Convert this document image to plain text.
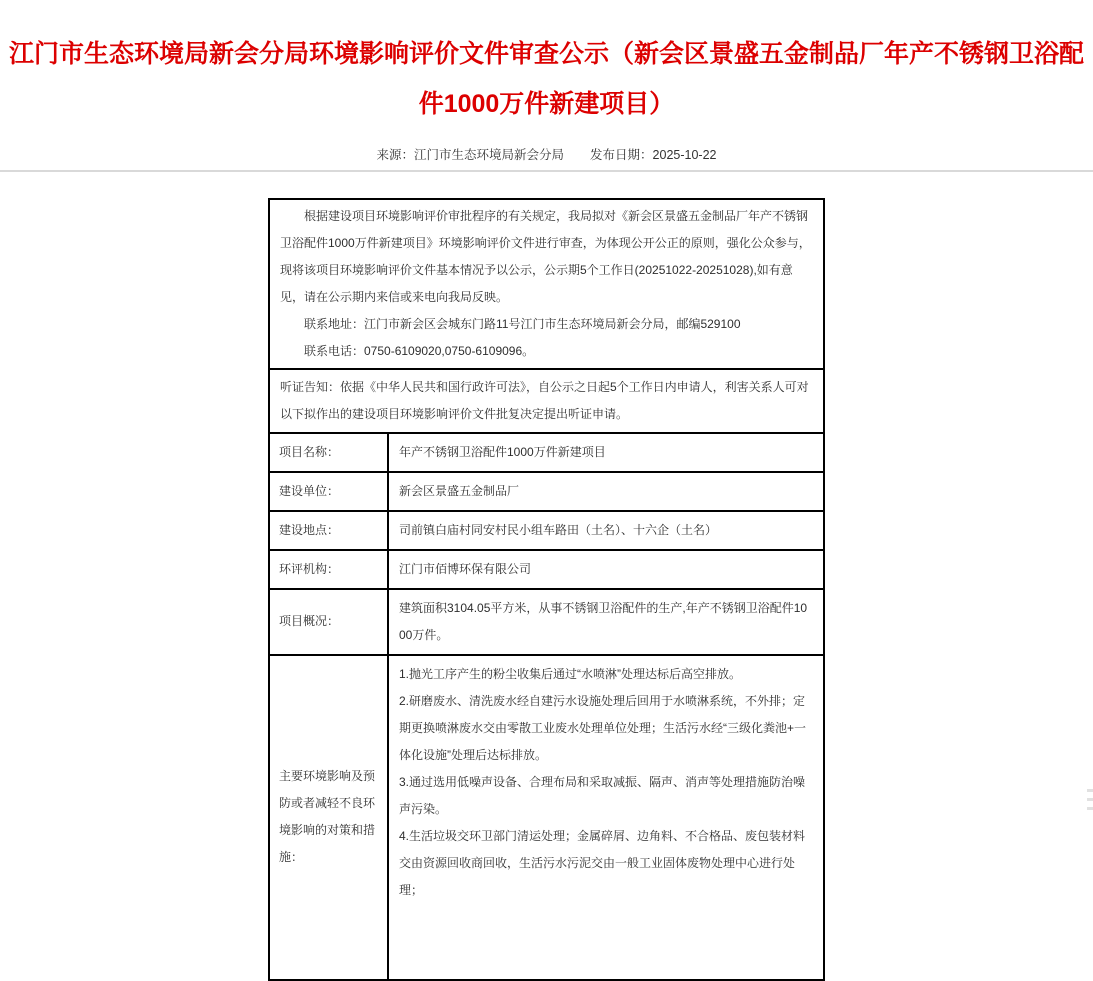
江门市生态环境局新会分局环境影响评价文件审查公示（新会区景盛五金制品厂年产不锈钢卫浴配件1000万件新建项目）
来源：江门市生态环境局新会分局 发布日期：2025-10-22

根据建设项目环境影响评价审批程序的有关规定，我局拟对《新会区景盛五金制品厂年产不锈钢卫浴配件1000万件新建项目》环境影响评价文件进行审查，为体现公开公正的原则，强化公众参与，现将该项目环境影响评价文件基本情况予以公示，公示期5个工作日(20251022-20251028),如有意见，请在公示期内来信或来电向我局反映。

联系地址：江门市新会区会城东门路11号江门市生态环境局新会分局，邮编529100

联系电话：0750-6109020,0750-6109096。	

听证告知：依据《中华人民共和国行政许可法》，自公示之日起5个工作日内申请人，利害关系人可对以下拟作出的建设项目环境影响评价文件批复决定提出听证申请。	

项目名称：	年产不锈钢卫浴配件1000万件新建项目
建设单位：	新会区景盛五金制品厂
建设地点：	司前镇白庙村同安村民小组车路田（土名）、十六企（土名）
环评机构：	江门市佰博环保有限公司
项目概况：	建筑面积3104.05平方米，从事不锈钢卫浴配件的生产,年产不锈钢卫浴配件1000万件。
主要环境影响及预防或者减轻不良环境影响的对策和措施：	1.抛光工序产生的粉尘收集后通过“水喷淋”处理达标后高空排放。

2.研磨废水、清洗废水经自建污水设施处理后回用于水喷淋系统，不外排；定期更换喷淋废水交由零散工业废水处理单位处理；生活污水经“三级化粪池+一体化设施”处理后达标排放。

3.通过选用低噪声设备、合理布局和采取减振、隔声、消声等处理措施防治噪声污染。

4.生活垃圾交环卫部门清运处理；金属碎屑、边角料、不合格品、废包装材料交由资源回收商回收，生活污水污泥交由一般工业固体废物处理中心进行处理；
